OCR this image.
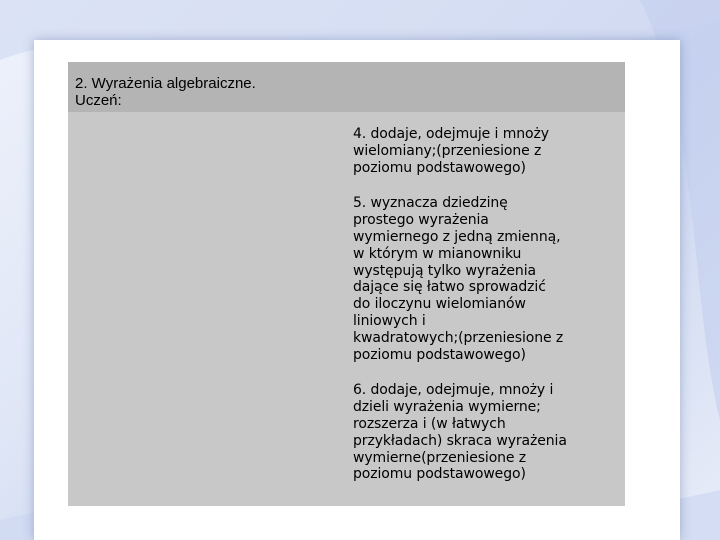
2. Wyrażenia algebraiczne.
Uczeń:
4. dodaje, odejmuje i mnoży
wielomiany;(przeniesione z
poziomu podstawowego)
5. wyznacza dziedzinę
prostego wyrażenia
wymiernego z jedną zmienną,
w którym w mianowniku
występują tylko wyrażenia
dające się łatwo sprowadzić
do iloczynu wielomianów
liniowych i
kwadratowych;(przeniesione z
poziomu podstawowego)
6. dodaje, odejmuje, mnoży i
dzieli wyrażenia wymierne;
rozszerza i (w łatwych
przykładach) skraca wyrażenia
wymierne(przeniesione z
poziomu podstawowego)
